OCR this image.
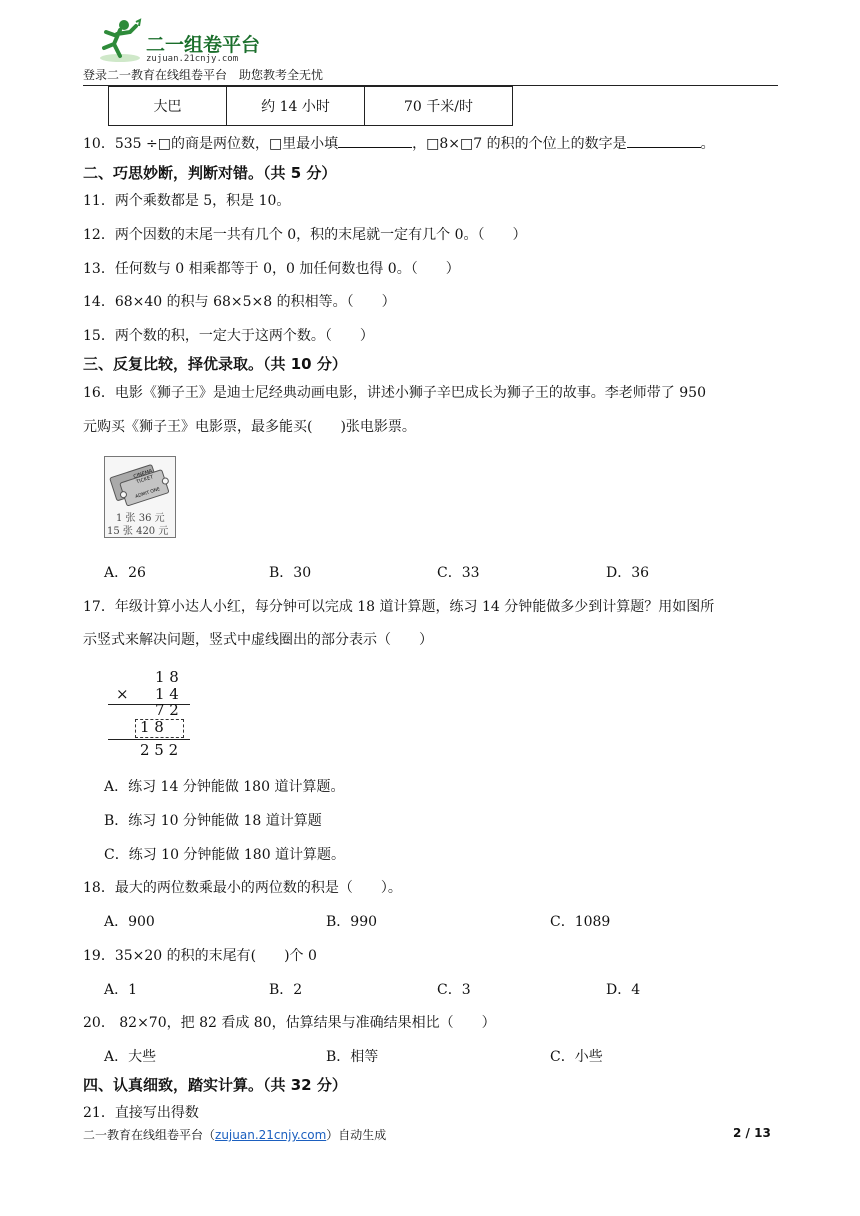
二一组卷平台
zujuan.21cnjy.com
登录二一教育在线组卷平台　助您教考全无忧
大巴	约 14 小时	70 千米/时
10．535 ÷□的商是两位数，□里最小填	，□8×□7 的积的个位上的数字是	。
二、巧思妙断，判断对错。（共 5 分）
11．两个乘数都是 5，积是 10。
12．两个因数的末尾一共有几个 0，积的末尾就一定有几个 0。（　　）
13．任何数与 0 相乘都等于 0，0 加任何数也得 0。（　　）
14．68×40 的积与 68×5×8 的积相等。（　　）
15．两个数的积，一定大于这两个数。（　　）
三、反复比较，择优录取。（共 10 分）
16．电影《狮子王》是迪士尼经典动画电影，讲述小狮子辛巴成长为狮子王的故事。李老师带了 950
元购买《狮子王》电影票，最多能买(　　)张电影票。
CINEMA TICKET
ADMIT ONE
1 张 36 元
15 张 420 元
A．26	B．30	C．33	D．36
17．年级计算小达人小红，每分钟可以完成 18 道计算题，练习 14 分钟能做多少到计算题？用如图所
示竖式来解决问题，竖式中虚线圈出的部分表示（　　）
1 8
× 1 4
7 2
1 8
2 5 2
A．练习 14 分钟能做 180 道计算题。
B．练习 10 分钟能做 18 道计算题
C．练习 10 分钟能做 180 道计算题。
18．最大的两位数乘最小的两位数的积是（　　）。
A．900	B．990	C．1089
19．35×20 的积的末尾有(　　)个 0
A．1	B．2	C．3	D．4
20． 82×70，把 82 看成 80，估算结果与准确结果相比（　　）
A．大些	B．相等	C．小些
四、认真细致，踏实计算。（共 32 分）
21．直接写出得数
二一教育在线组卷平台（zujuan.21cnjy.com）自动生成	2 / 13
